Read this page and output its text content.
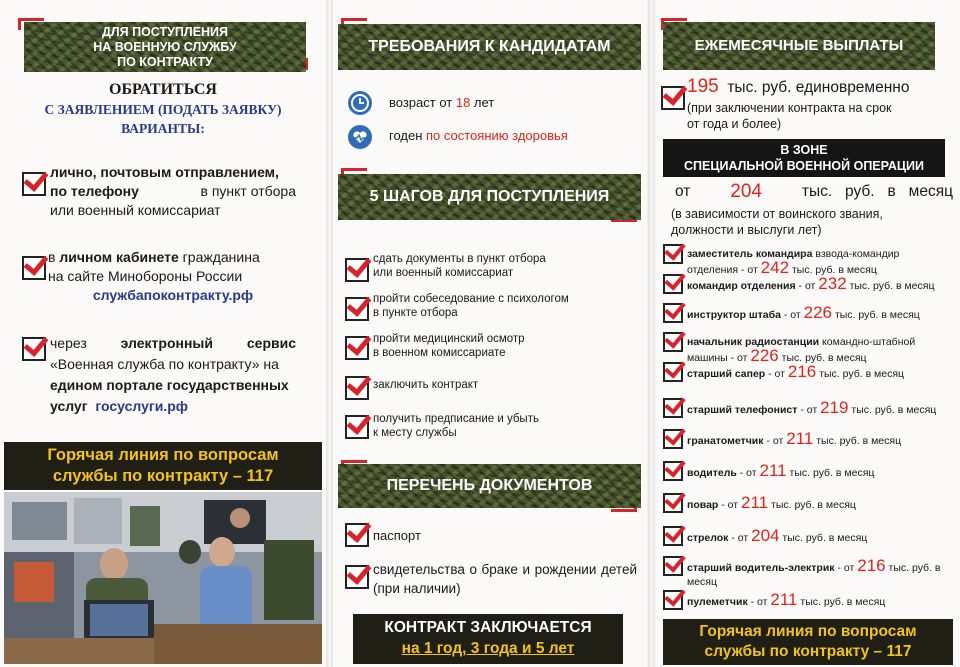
ДЛЯ ПОСТУПЛЕНИЯ
НА ВОЕННУЮ СЛУЖБУ
ПО КОНТРАКТУ
ОБРАТИТЬСЯ
С ЗАЯВЛЕНИЕМ (ПОДАТЬ ЗАЯВКУ)
ВАРИАНТЫ:
лично, почтовым отправлением,
по телефону	в пункт отбора
или военный комиссариат
в личном кабинете гражданина
на сайте Минобороны России
службапоконтракту.рф
через электронный сервис
«Военная служба по контракту» на
едином портале государственных
услуг госуслуги.рф
Горячая линия по вопросам
службы по контракту – 117
ТРЕБОВАНИЯ К КАНДИДАТАМ
возраст от 18 лет
годен по состоянию здоровья
5 ШАГОВ ДЛЯ ПОСТУПЛЕНИЯ
сдать документы в пункт отбора
или военный комиссариат
пройти собеседование с психологом
в пункте отбора
пройти медицинский осмотр
в военном комиссариате
заключить контракт
получить предписание и убыть
к месту службы
ПЕРЕЧЕНЬ ДОКУМЕНТОВ
паспорт
свидетельства о браке и рождении детей (при наличии)
КОНТРАКТ ЗАКЛЮЧАЕТСЯ
на 1 год, 3 года и 5 лет
ЕЖЕМЕСЯЧНЫЕ ВЫПЛАТЫ
195 тыс. руб. единовременно
(при заключении контракта на срок
от года и более)
В ЗОНЕ
СПЕЦИАЛЬНОЙ ВОЕННОЙ ОПЕРАЦИИ
от 204	тыс.   руб.   в   месяц
(в зависимости от воинского звания,
должности и выслуги лет)
заместитель командира взвода-командир отделения - от 242 тыс. руб. в месяц
командир отделения - от 232 тыс. руб. в месяц
инструктор штаба - от 226 тыс. руб. в месяц
начальник радиостанции командно-штабной машины - от 226 тыс. руб. в месяц
старший сапер - от 216 тыс. руб. в месяц
старший телефонист - от 219 тыс. руб. в месяц
гранатометчик - от 211 тыс. руб. в месяц
водитель - от 211 тыс. руб. в месяц
повар - от 211 тыс. руб. в месяц
стрелок - от 204 тыс. руб. в месяц
старший водитель-электрик - от 216 тыс. руб. в месяц
пулеметчик - от 211 тыс. руб. в месяц
Горячая линия по вопросам
службы по контракту – 117
